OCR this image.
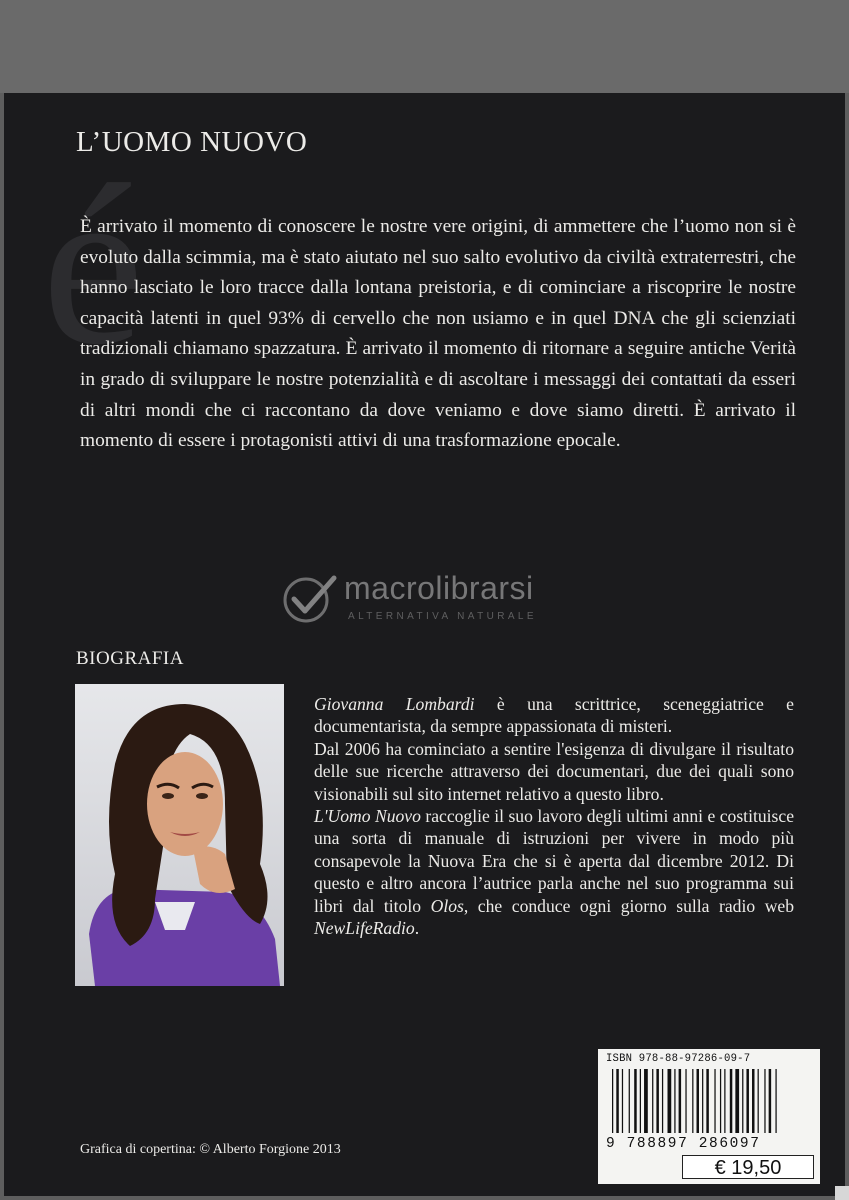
é
L’UOMO NUOVO

È arrivato il momento di conoscere le nostre vere origini, di ammettere che l’uomo non si è evoluto dalla scimmia, ma è stato aiutato nel suo salto evolutivo da civiltà extraterrestri, che hanno lasciato le loro tracce dalla lontana preistoria, e di cominciare a riscoprire le nostre capacità latenti in quel 93% di cervello che non usiamo e in quel DNA che gli scienziati tradizionali chiamano spazzatura. È arrivato il momento di ritornare a seguire antiche Verità in grado di sviluppare le nostre potenzialità e di ascoltare i messaggi dei contattati da esseri di altri mondi che ci raccontano da dove veniamo e dove siamo diretti. È arrivato il momento di essere i protagonisti attivi di una trasformazione epocale.

macrolibrarsi
ALTERNATIVA NATURALE
BIOGRAFIA

Giovanna Lombardi è una scrittrice, sceneggiatrice e documentarista, da sempre appassionata di misteri.

Dal 2006 ha cominciato a sentire l'esigenza di divulgare il risultato delle sue ricerche attraverso dei documentari, due dei quali sono visionabili sul sito internet relativo a questo libro.

L'Uomo Nuovo raccoglie il suo lavoro degli ultimi anni e costituisce una sorta di manuale di istruzioni per vivere in modo più consapevole la Nuova Era che si è aperta dal dicembre 2012. Di questo e altro ancora l’autrice parla anche nel suo programma sui libri dal titolo Olos, che conduce ogni giorno sulla radio web NewLifeRadio.

ISBN 978-88-97286-09-7
9 788897 286097
€ 19,50
Grafica di copertina: © Alberto Forgione 2013
